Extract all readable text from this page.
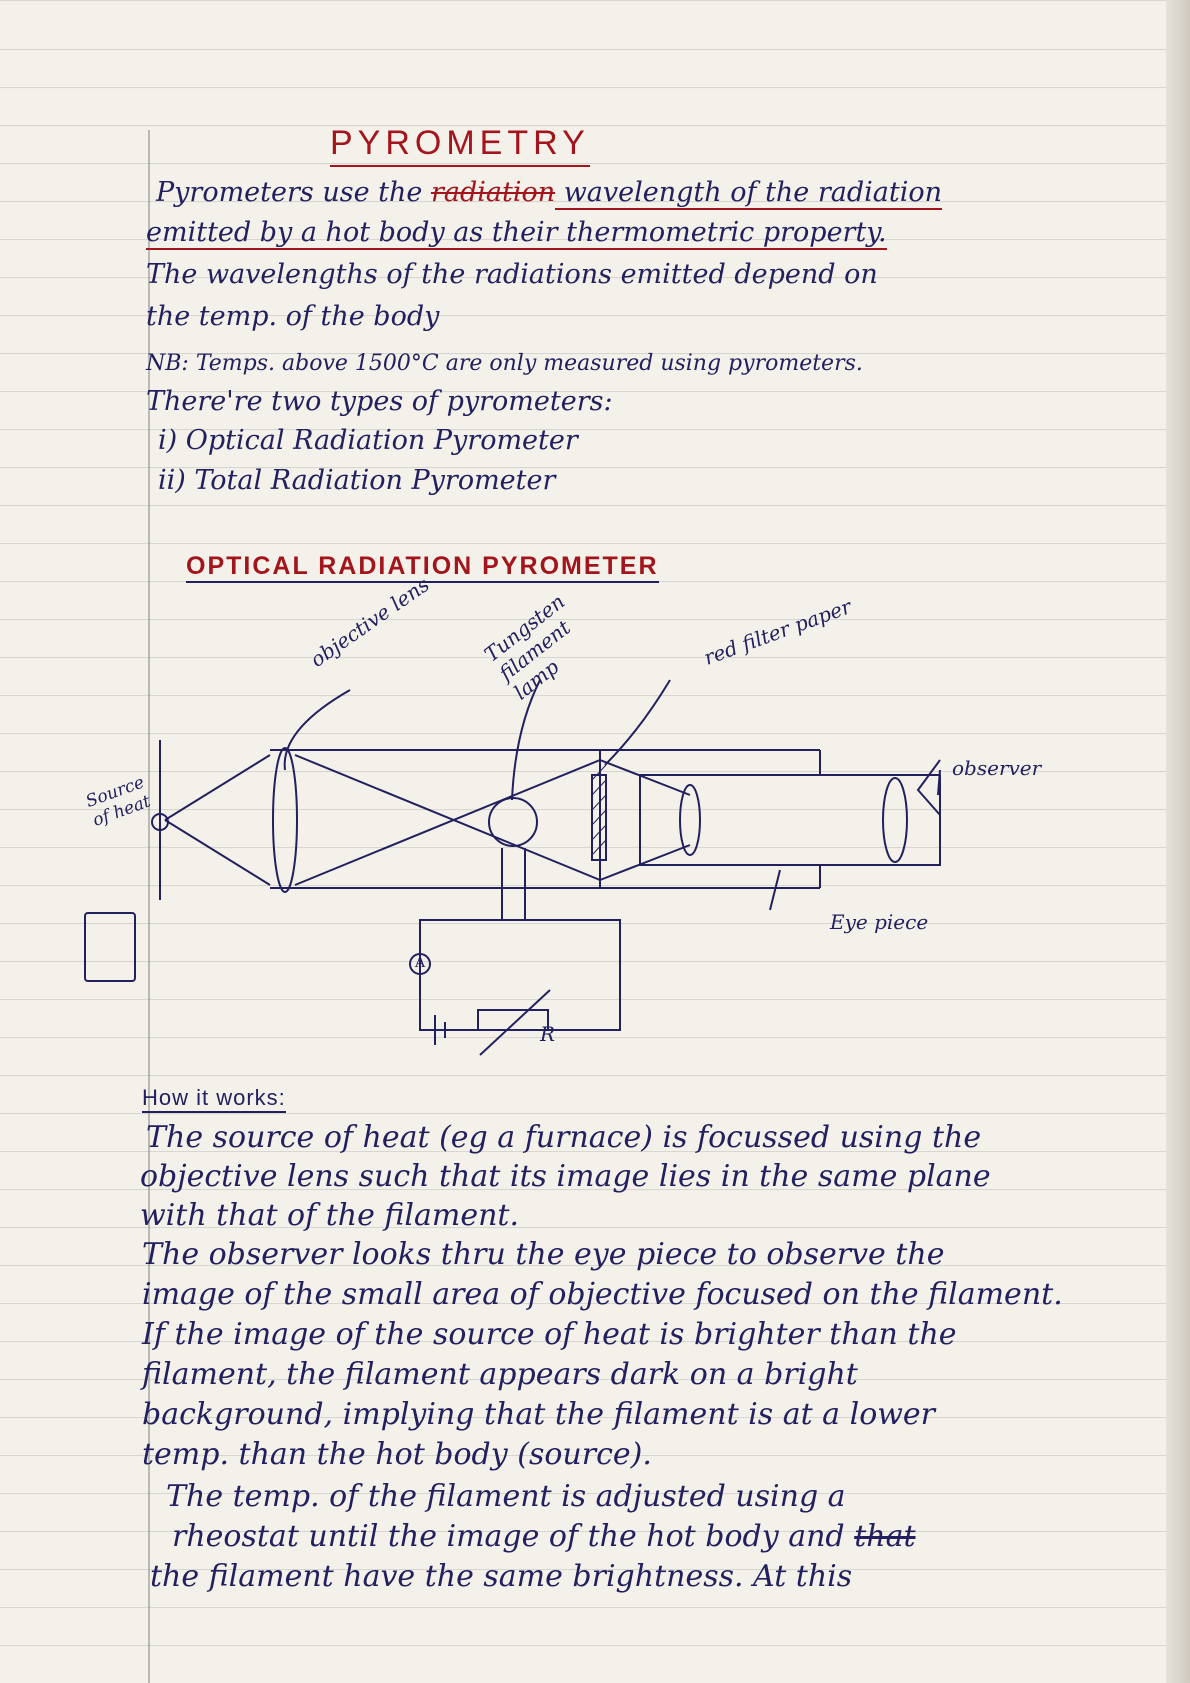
PYROMETRY
Pyrometers use the radiation wavelength of the radiation
emitted by a hot body as their thermometric property.
The wavelengths of the radiations emitted depend on
the temp. of the body
NB: Temps. above 1500°C are only measured using pyrometers.
There're two types of pyrometers:
i) Optical Radiation Pyrometer
ii) Total Radiation Pyrometer
OPTICAL RADIATION PYROMETER
objective lens Tungsten filament lamp
red filter paper
observer
Source of heat
Eye piece
A
R
How it works:
The source of heat (eg a furnace) is focussed using the
objective lens such that its image lies in the same plane
with that of the filament.
The observer looks thru the eye piece to observe the
image of the small area of objective focused on the filament.
If the image of the source of heat is brighter than the
filament, the filament appears dark on a bright
background, implying that the filament is at a lower
temp. than the hot body (source).
The temp. of the filament is adjusted using a
rheostat until the image of the hot body and that
the filament have the same brightness. At this
